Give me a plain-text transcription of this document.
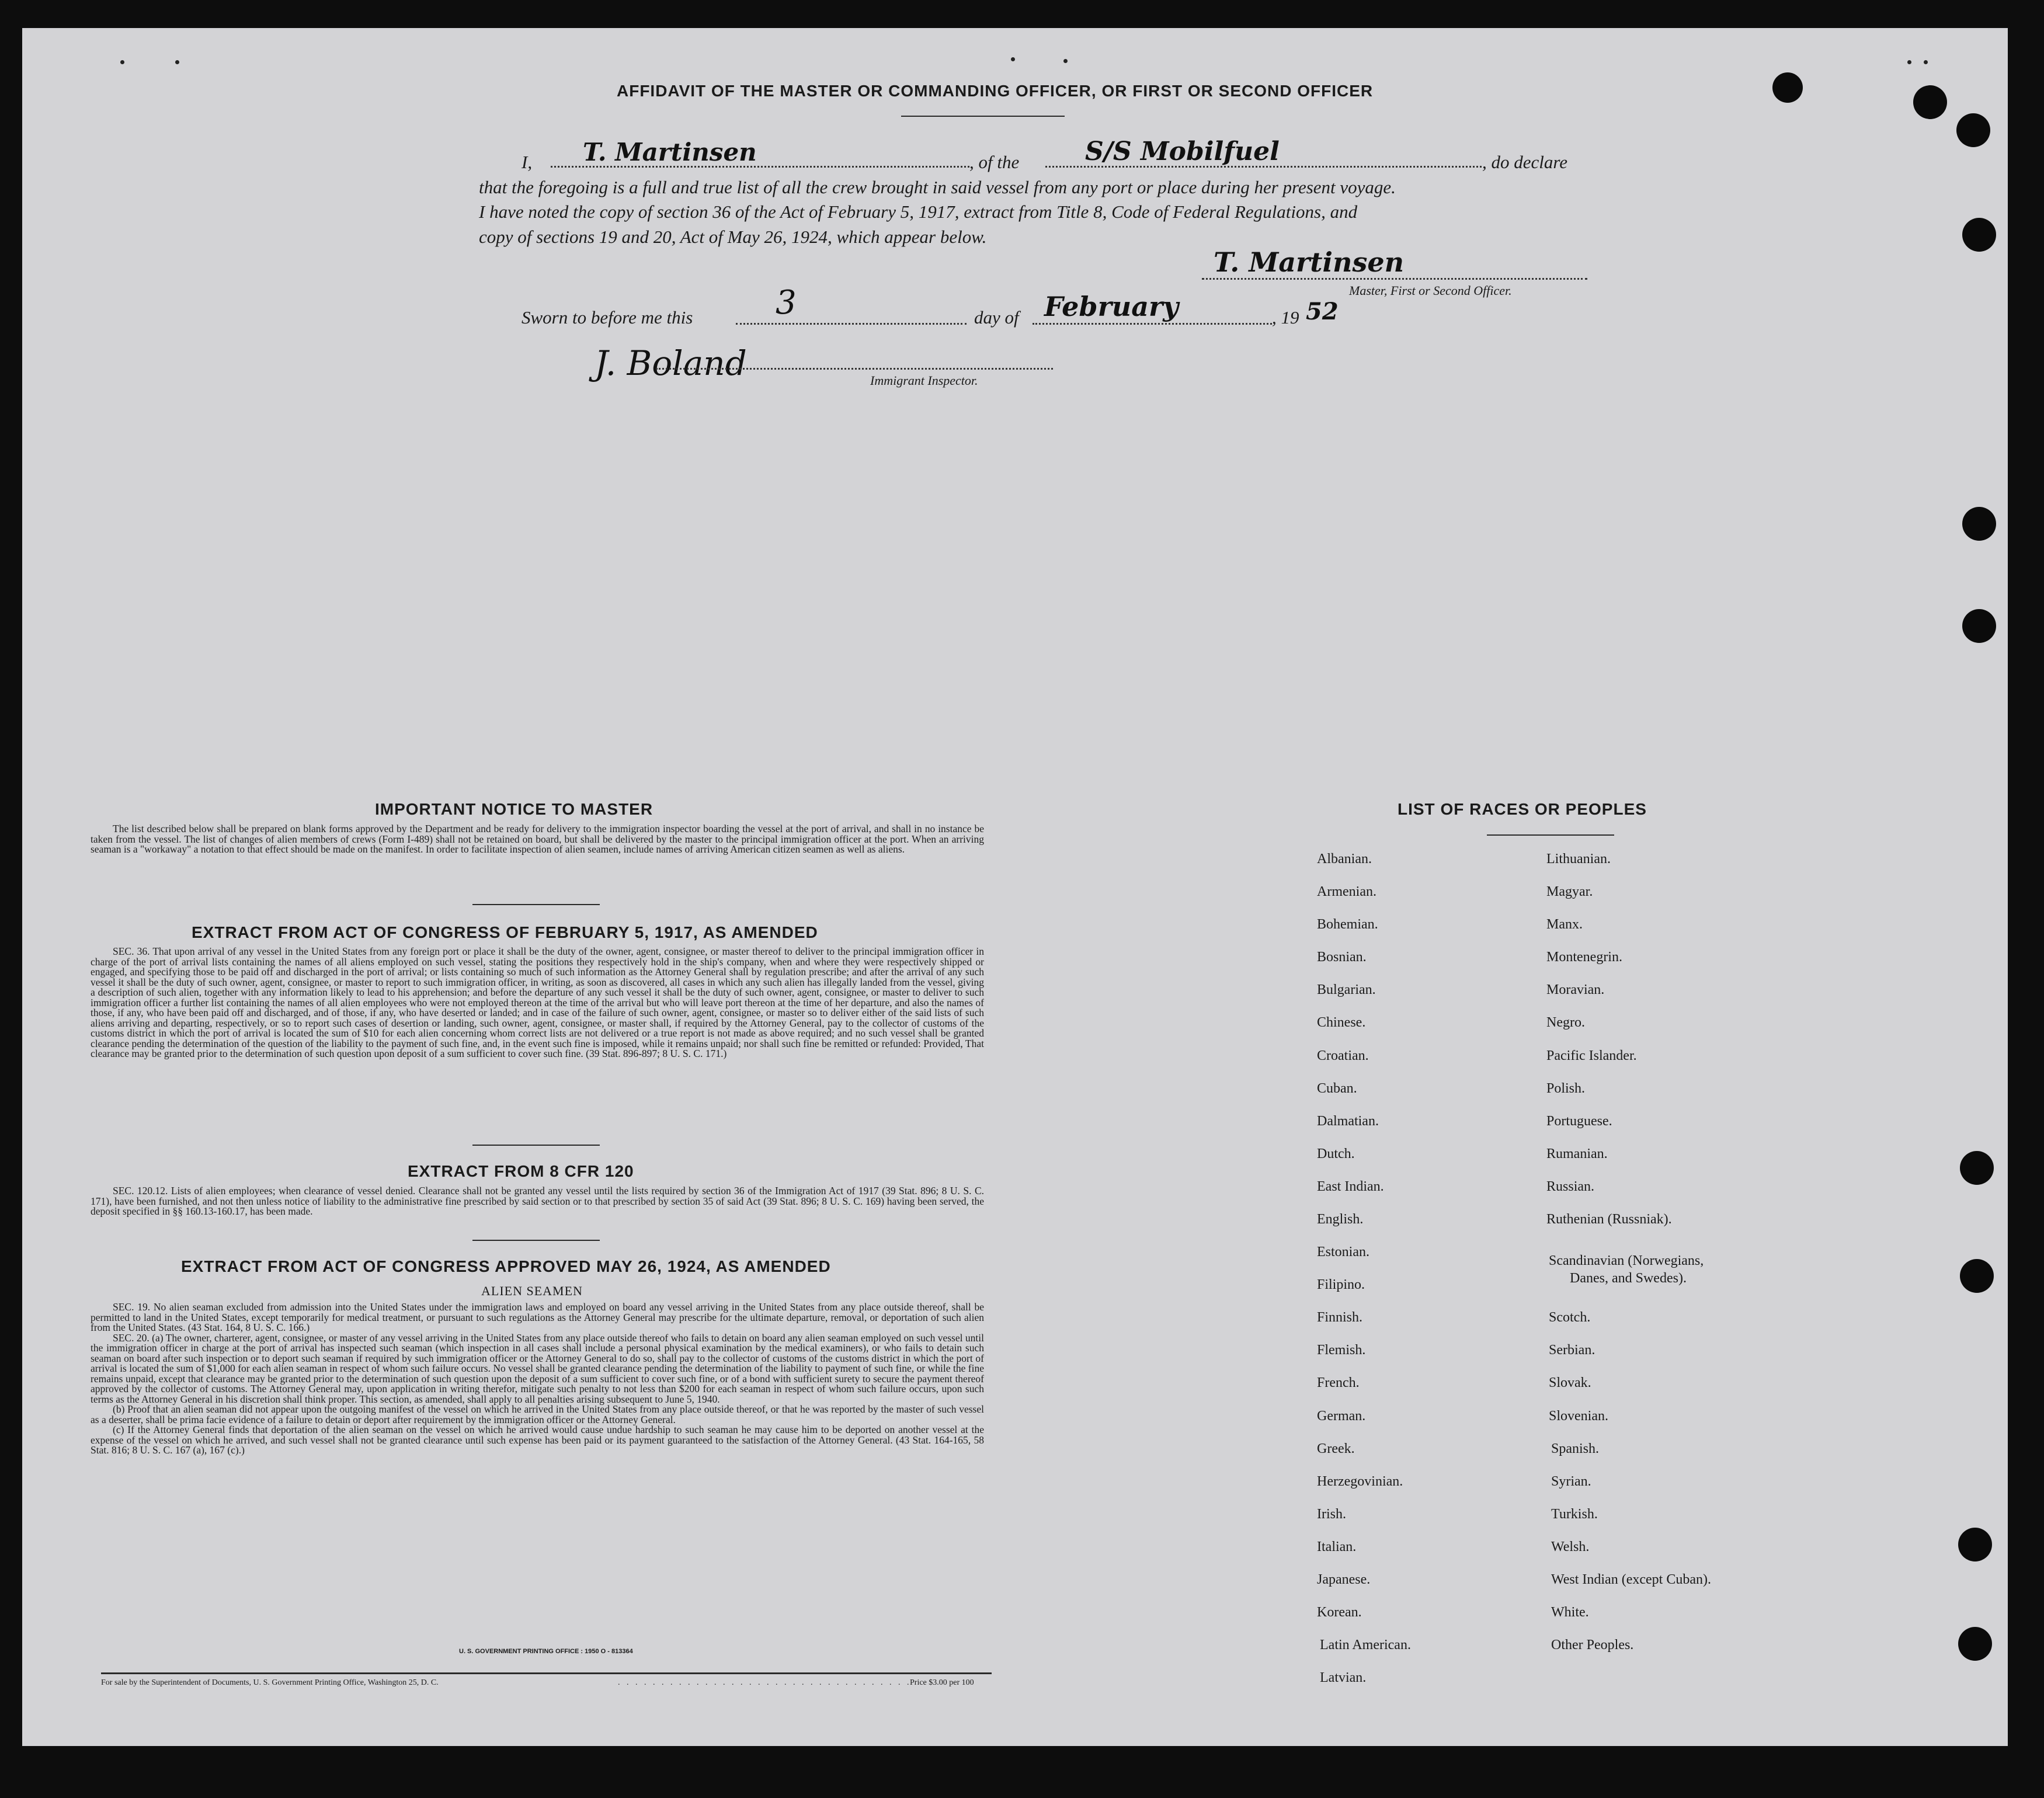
AFFIDAVIT OF THE MASTER OR COMMANDING OFFICER, OR FIRST OR SECOND OFFICER
I, T. Martinsen	, of the	S/S Mobilfuel	, do declare
that the foregoing is a full and true list of all the crew brought in said vessel from any port or place during her present voyage.
I have noted the copy of section 36 of the Act of February 5, 1917, extract from Title 8, Code of Federal Regulations, and
copy of sections 19 and 20, Act of May 26, 1924, which appear below.
T. Martinsen
Master, First or Second Officer.
Sworn to before me this	3	day of February	, 19 52
J. Boland	Immigrant Inspector.
IMPORTANT NOTICE TO MASTER

The list described below shall be prepared on blank forms approved by the Department and be ready for delivery to the immigration inspector boarding the vessel at the port of arrival, and shall in no instance be taken from the vessel. The list of changes of alien members of crews (Form I-489) shall not be retained on board, but shall be delivered by the master to the principal immigration officer at the port. When an arriving seaman is a "workaway" a notation to that effect should be made on the manifest. In order to facilitate inspection of alien seamen, include names of arriving American citizen seamen as well as aliens.

EXTRACT FROM ACT OF CONGRESS OF FEBRUARY 5, 1917, AS AMENDED

SEC. 36. That upon arrival of any vessel in the United States from any foreign port or place it shall be the duty of the owner, agent, consignee, or master thereof to deliver to the principal immigration officer in charge of the port of arrival lists containing the names of all aliens employed on such vessel, stating the positions they respectively hold in the ship's company, when and where they were respectively shipped or engaged, and specifying those to be paid off and discharged in the port of arrival; or lists containing so much of such information as the Attorney General shall by regulation prescribe; and after the arrival of any such vessel it shall be the duty of such owner, agent, consignee, or master to report to such immigration officer, in writing, as soon as discovered, all cases in which any such alien has illegally landed from the vessel, giving a description of such alien, together with any information likely to lead to his apprehension; and before the departure of any such vessel it shall be the duty of such owner, agent, consignee, or master to deliver to such immigration officer a further list containing the names of all alien employees who were not employed thereon at the time of the arrival but who will leave port thereon at the time of her departure, and also the names of those, if any, who have been paid off and discharged, and of those, if any, who have deserted or landed; and in case of the failure of such owner, agent, consignee, or master so to deliver either of the said lists of such aliens arriving and departing, respectively, or so to report such cases of desertion or landing, such owner, agent, consignee, or master shall, if required by the Attorney General, pay to the collector of customs of the customs district in which the port of arrival is located the sum of $10 for each alien concerning whom correct lists are not delivered or a true report is not made as above required; and no such vessel shall be granted clearance pending the determination of the question of the liability to the payment of such fine, and, in the event such fine is imposed, while it remains unpaid; nor shall such fine be remitted or refunded: Provided, That clearance may be granted prior to the determination of such question upon deposit of a sum sufficient to cover such fine. (39 Stat. 896-897; 8 U. S. C. 171.)

EXTRACT FROM 8 CFR 120

SEC. 120.12. Lists of alien employees; when clearance of vessel denied. Clearance shall not be granted any vessel until the lists required by section 36 of the Immigration Act of 1917 (39 Stat. 896; 8 U. S. C. 171), have been furnished, and not then unless notice of liability to the administrative fine prescribed by said section or to that prescribed by section 35 of said Act (39 Stat. 896; 8 U. S. C. 169) having been served, the deposit specified in §§ 160.13-160.17, has been made.

EXTRACT FROM ACT OF CONGRESS APPROVED MAY 26, 1924, AS AMENDED
ALIEN SEAMEN

SEC. 19. No alien seaman excluded from admission into the United States under the immigration laws and employed on board any vessel arriving in the United States from any place outside thereof, shall be permitted to land in the United States, except temporarily for medical treatment, or pursuant to such regulations as the Attorney General may prescribe for the ultimate departure, removal, or deportation of such alien from the United States. (43 Stat. 164, 8 U. S. C. 166.)

SEC. 20. (a) The owner, charterer, agent, consignee, or master of any vessel arriving in the United States from any place outside thereof who fails to detain on board any alien seaman employed on such vessel until the immigration officer in charge at the port of arrival has inspected such seaman (which inspection in all cases shall include a personal physical examination by the medical examiners), or who fails to detain such seaman on board after such inspection or to deport such seaman if required by such immigration officer or the Attorney General to do so, shall pay to the collector of customs of the customs district in which the port of arrival is located the sum of $1,000 for each alien seaman in respect of whom such failure occurs. No vessel shall be granted clearance pending the determination of the liability to payment of such fine, or while the fine remains unpaid, except that clearance may be granted prior to the determination of such question upon the deposit of a sum sufficient to cover such fine, or of a bond with sufficient surety to secure the payment thereof approved by the collector of customs. The Attorney General may, upon application in writing therefor, mitigate such penalty to not less than $200 for each seaman in respect of whom such failure occurs, upon such terms as the Attorney General in his discretion shall think proper. This section, as amended, shall apply to all penalties arising subsequent to June 5, 1940.

(b) Proof that an alien seaman did not appear upon the outgoing manifest of the vessel on which he arrived in the United States from any place outside thereof, or that he was reported by the master of such vessel as a deserter, shall be prima facie evidence of a failure to detain or deport after requirement by the immigration officer or the Attorney General.

(c) If the Attorney General finds that deportation of the alien seaman on the vessel on which he arrived would cause undue hardship to such seaman he may cause him to be deported on another vessel at the expense of the vessel on which he arrived, and such vessel shall not be granted clearance until such expense has been paid or its payment guaranteed to the satisfaction of the Attorney General. (43 Stat. 164-165, 58 Stat. 816; 8 U. S. C. 167 (a), 167 (c).)

U. S. GOVERNMENT PRINTING OFFICE : 1950 O - 813364
For sale by the Superintendent of Documents, U. S. Government Printing Office, Washington 25, D. C.	. . . . . . . . . . . . . . . . . . . . . . . . . . . . . . . . . .
Price $3.00 per 100
LIST OF RACES OR PEOPLES
Albanian.
Armenian.
Bohemian.
Bosnian.
Bulgarian.
Chinese.
Croatian.
Cuban.
Dalmatian.
Dutch.
East Indian.
English.
Estonian.
Filipino.
Finnish.
Flemish.
French.
German.
Greek.
Herzegovinian.
Irish.
Italian.
Japanese.
Korean.
Latin American.
Latvian.
Lithuanian.
Magyar.
Manx.
Montenegrin.
Moravian.
Negro.
Pacific Islander.
Polish.
Portuguese.
Rumanian.
Russian.
Ruthenian (Russniak).
Scandinavian (Norwegians,
Danes, and Swedes).
Scotch.
Serbian.
Slovak.
Slovenian.
Spanish.
Syrian.
Turkish.
Welsh.
West Indian (except Cuban).
White.
Other Peoples.
